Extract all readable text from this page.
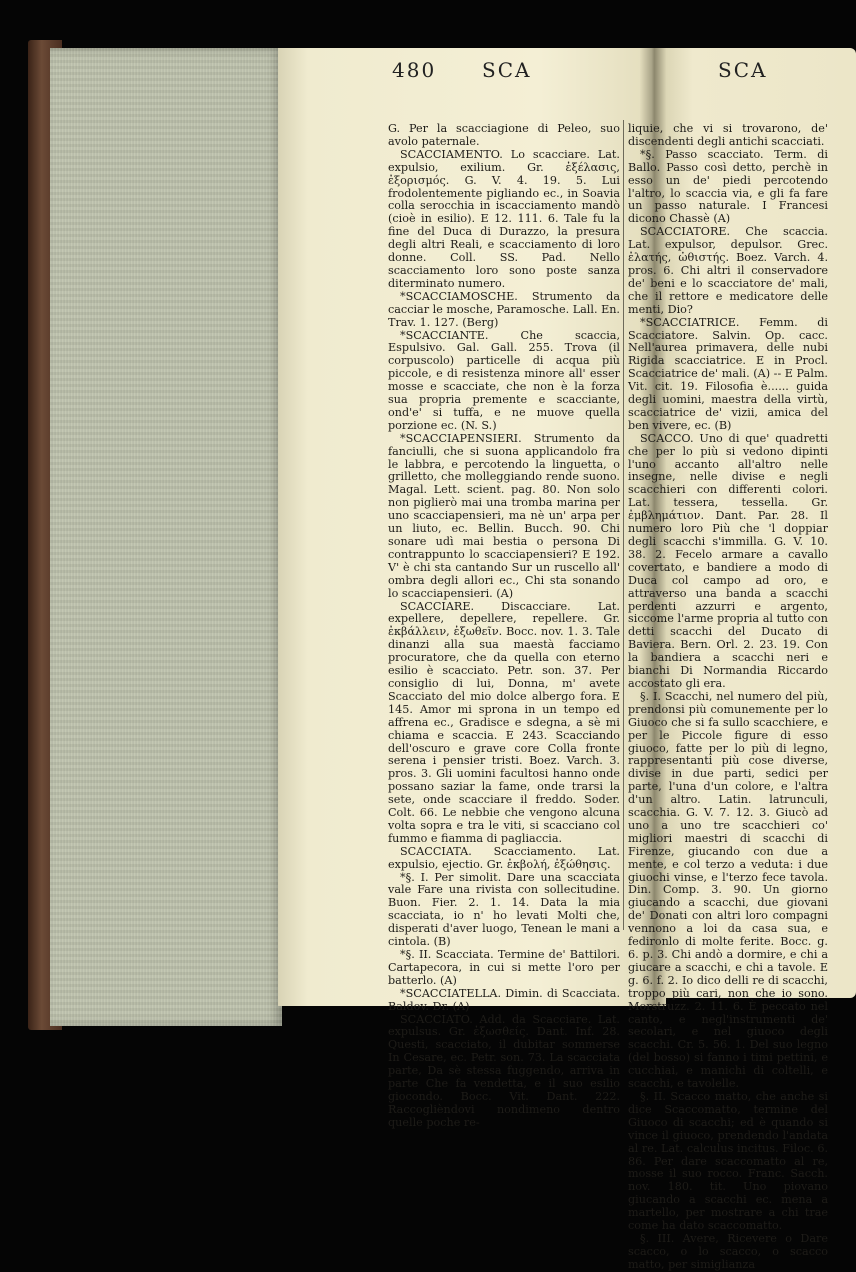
480 SCA	SCA

G. Per la scacciagione di Peleo, suo avolo paternale.

SCACCIAMENTO. Lo scacciare. Lat. expulsio, exilium. Gr. ἐξέλασις, ἐξορισμός. G. V. 4. 19. 5. Lui frodolentemente pigliando ec., in Soavia colla serocchia in iscacciamento mandò (cioè in esilio). E 12. 111. 6. Tale fu la fine del Duca di Durazzo, la presura degli altri Reali, e scacciamento di loro donne. Coll. SS. Pad. Nello scacciamento loro sono poste sanza diterminato numero.

*SCACCIAMOSCHE. Strumento da cacciar le mosche, Paramosche. Lall. En. Trav. 1. 127. (Berg)

*SCACCIANTE. Che scaccia, Espulsivo. Gal. Gall. 255. Trova (il corpuscolo) particelle di acqua più piccole, e di resistenza minore all' esser mosse e scacciate, che non è la forza sua propria premente e scacciante, ond'e' si tuffa, e ne muove quella porzione ec. (N. S.)

*SCACCIAPENSIERI. Strumento da fanciulli, che si suona applicandolo fra le labbra, e percotendo la linguetta, o grilletto, che molleggiando rende suono. Magal. Lett. scient. pag. 80. Non solo non piglierò mai una tromba marina per uno scacciapensieri, ma nè un' arpa per un liuto, ec. Bellin. Bucch. 90. Chi sonare udì mai bestia o persona Di contrappunto lo scacciapensieri? E 192. V' è chi sta cantando Sur un ruscello all' ombra degli allori ec., Chi sta sonando lo scacciapensieri. (A)

SCACCIARE. Discacciare. Lat. expellere, depellere, repellere. Gr. ἐκβάλλειν, ἐξωθεῖν. Bocc. nov. 1. 3. Tale dinanzi alla sua maestà facciamo procuratore, che da quella con eterno esilio è scacciato. Petr. son. 37. Per consiglio di lui, Donna, m' avete Scacciato del mio dolce albergo fora. E 145. Amor mi sprona in un tempo ed affrena ec., Gradisce e sdegna, a sè mi chiama e scaccia. E 243. Scacciando dell'oscuro e grave core Colla fronte serena i pensier tristi. Boez. Varch. 3. pros. 3. Gli uomini facultosi hanno onde possano saziar la fame, onde trarsi la sete, onde scacciare il freddo. Soder. Colt. 66. Le nebbie che vengono alcuna volta sopra e tra le viti, si scacciano col fummo e fiamma di pagliaccia.

SCACCIATA. Scacciamento. Lat. expulsio, ejectio. Gr. ἐκβολή, ἐξώθησις.

*§. I. Per simolit. Dare una scacciata vale Fare una rivista con sollecitudine. Buon. Fier. 2. 1. 14. Data la mia scacciata, io n' ho levati Molti che, disperati d'aver luogo, Tenean le mani a cintola. (B)

*§. II. Scacciata. Termine de' Battilori. Cartapecora, in cui si mette l'oro per batterlo. (A)

*SCACCIATELLA. Dimin. di Scacciata. Baldov. Dr. (A)

SCACCIATO. Add. da Scacciare. Lat. expulsus. Gr. ἐξωσθείς. Dant. Inf. 28. Questi, scacciato, il dubitar sommerse In Cesare, ec. Petr. son. 73. La scacciata parte, Da sè stessa fuggendo, arriva in parte Che fa vendetta, e il suo esilio giocondo. Bocc. Vit. Dant. 222. Raccoglièndovi nondimeno dentro quelle poche re-

liquie, che vi si trovarono, de' discendenti degli antichi scacciati.

*§. Passo scacciato. Term. di Ballo. Passo così detto, perchè in esso un de' piedi percotendo l'altro, lo scaccia via, e gli fa fare un passo naturale. I Francesi dicono Chassè (A)

SCACCIATORE. Che scaccia. Lat. expulsor, depulsor. Grec. ἐλατής, ὠθιστής. Boez. Varch. 4. pros. 6. Chi altri il conservadore de' beni e lo scacciatore de' mali, che il rettore e medicatore delle menti, Dio?

*SCACCIATRICE. Femm. di Scacciatore. Salvin. Op. cacc. Nell'aurea primavera, delle nubi Rigida scacciatrice. E in Procl. Scacciatrice de' mali. (A) -- E Palm. Vit. cit. 19. Filosofia è...... guida degli uomini, maestra della virtù, scacciatrice de' vizii, amica del ben vivere, ec. (B)

SCACCO. Uno di que' quadretti che per lo più si vedono dipinti l'uno accanto all'altro nelle insegne, nelle divise e negli scacchieri con differenti colori. Lat. tessera, tessella. Gr. ἐμβλημάτιον. Dant. Par. 28. Il numero loro Più che 'l doppiar degli scacchi s'immilla. G. V. 10. 38. 2. Fecelo armare a cavallo covertato, e bandiere a modo di Duca col campo ad oro, e attraverso una banda a scacchi perdenti azzurri e argento, siccome l'arme propria al tutto con detti scacchi del Ducato di Baviera. Bern. Orl. 2. 23. 19. Con la bandiera a scacchi neri e bianchi Di Normandia Riccardo accostato gli era.

§. I. Scacchi, nel numero del più, prendonsi più comunemente per lo Giuoco che si fa sullo scacchiere, e per le Piccole figure di esso giuoco, fatte per lo più di legno, rappresentanti più cose diverse, divise in due parti, sedici per parte, l'una d'un colore, e l'altra d'un altro. Latin. latrunculi, scacchia. G. V. 7. 12. 3. Giucò ad uno a uno tre scacchieri co' migliori maestri di scacchi di Firenze, giucando con due a mente, e col terzo a veduta: i due giuochi vinse, e l'terzo fece tavola. Din. Comp. 3. 90. Un giorno giucando a scacchi, due giovani de' Donati con altri loro compagni vennono a loi da casa sua, e fedironlo di molte ferite. Bocc. g. 6. p. 3. Chi andò a dormire, e chi a giucare a scacchi, e chi a tavole. E g. 6. f. 2. Io dico delli re di scacchi, troppo più cari, non che io sono. Morstruzz. 2. 11. 6. È peccato nel canto, e negl'instrumenti de' secolari, e nel giuoco degli scacchi. Cr. 5. 56. 1. Del suo legno (del bosso) si fanno i timi pettini, e cucchiai, e manichi di coltelli, e scacchi, e tavolelle.

§. II. Scacco matto, che anche si dice Scaccomatto, termine del Giuoco di scacchi; ed è quando si vince il giuoco, prendendo l'andata al re. Lat. calculus incitus. Filoc. 6. 86. Per dare scaccomatto al re, mosse il suo rocco. Franc. Sacch. nov. 180. tit. Uno piovano giucando a scacchi ec. mena a martello, per mostrare a chi trae come ha dato scaccomatto.

§. III. Avere, Ricevere o Dare scacco, o lo scacco, o scacco matto, per simiglianza
